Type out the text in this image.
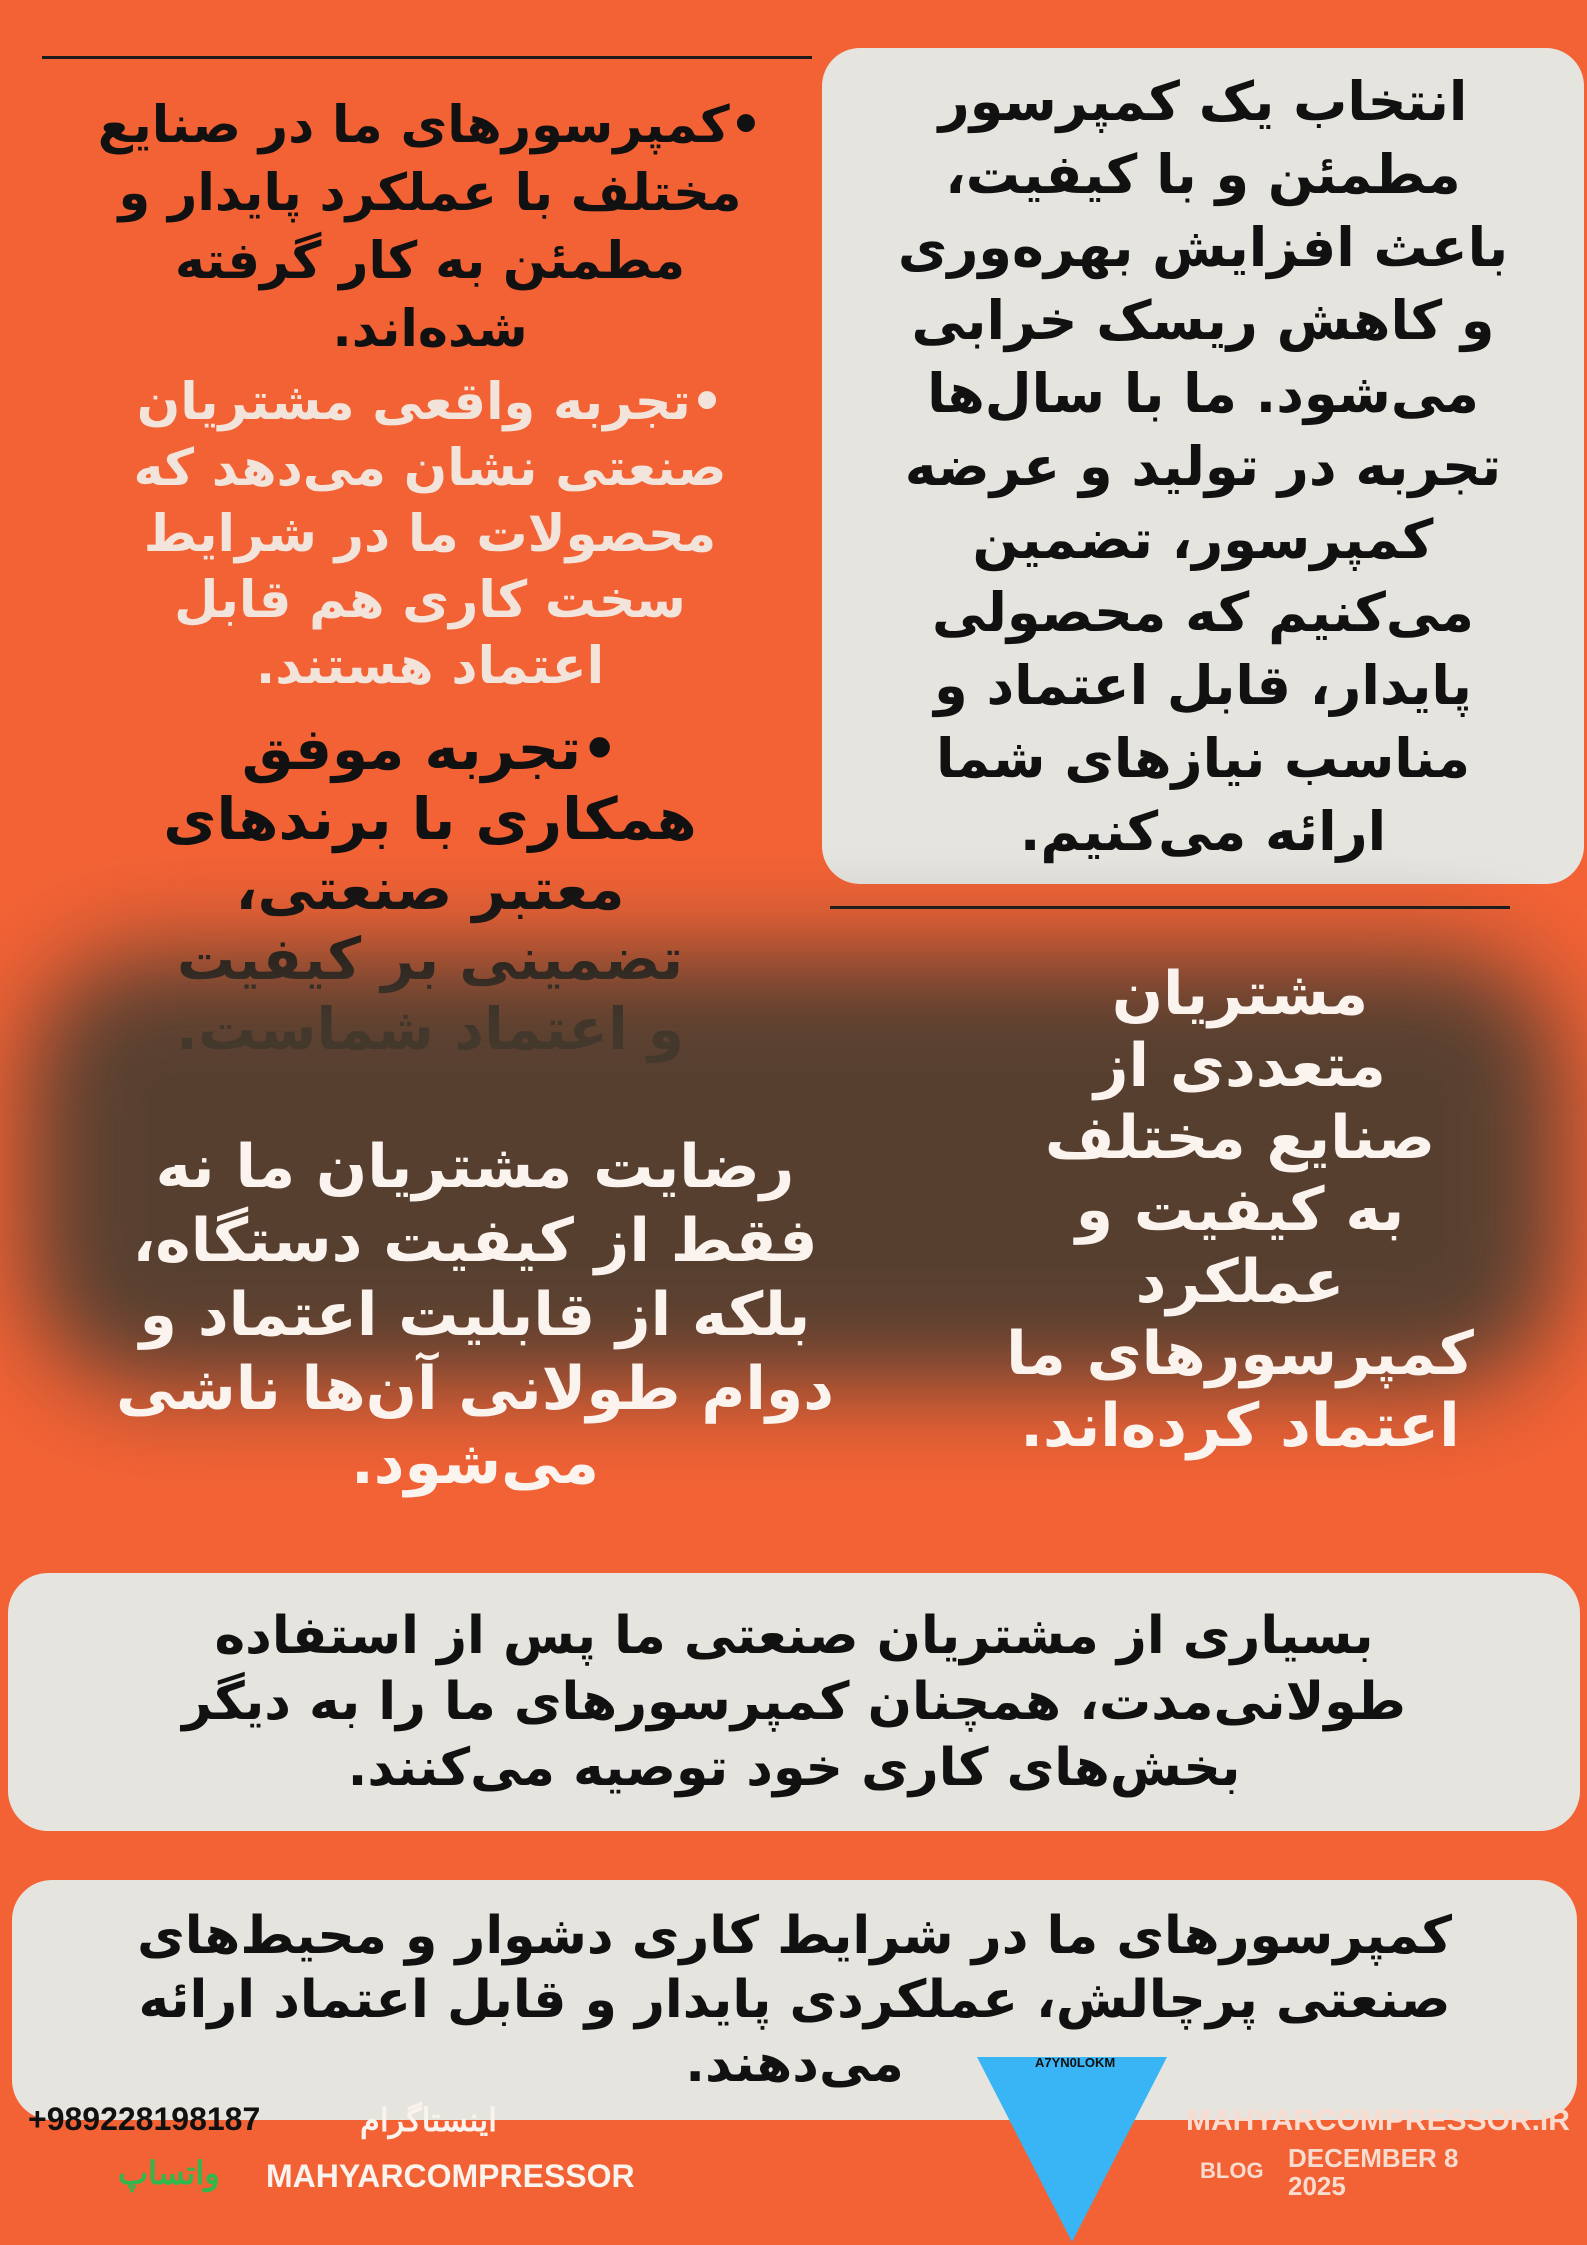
انتخاب یک کمپرسور
مطمئن و با کیفیت،
باعث افزایش بهره‌وری
و کاهش ریسک خرابی
می‌شود. ما با سال‌ها
تجربه در تولید و عرضه
کمپرسور، تضمین
می‌کنیم که محصولی
پایدار، قابل اعتماد و
مناسب نیازهای شما
ارائه می‌کنیم.

•کمپرسورهای ما در صنایع
مختلف با عملکرد پایدار و
مطمئن به کار گرفته
شده‌اند.

•تجربه واقعی مشتریان
صنعتی نشان می‌دهد که
محصولات ما در شرایط
سخت کاری هم قابل
اعتماد هستند.

•تجربه موفق
همکاری با برندهای
معتبر صنعتی،

رضایت مشتریان ما نه
فقط از کیفیت دستگاه،
بلکه از قابلیت اعتماد و
دوام طولانی آن‌ها ناشی
می‌شود.

مشتریان
متعددی از
صنایع مختلف
به کیفیت و
عملکرد
کمپرسورهای ما
اعتماد کرده‌اند.

بسیاری از مشتریان صنعتی ما پس از استفاده
طولانی‌مدت، همچنان کمپرسورهای ما را به دیگر
بخش‌های کاری خود توصیه می‌کنند.

کمپرسورهای ما در شرایط کاری دشوار و محیط‌های
صنعتی پرچالش، عملکردی پایدار و قابل اعتماد ارائه
می‌دهند.	A7YN0LOKM

+989228198187	اینستاگرام

واتساپ MAHYARCOMPRESSOR

MAHYARCOMPRESSOR.IR

BLOG DECEMBER 8
2025
